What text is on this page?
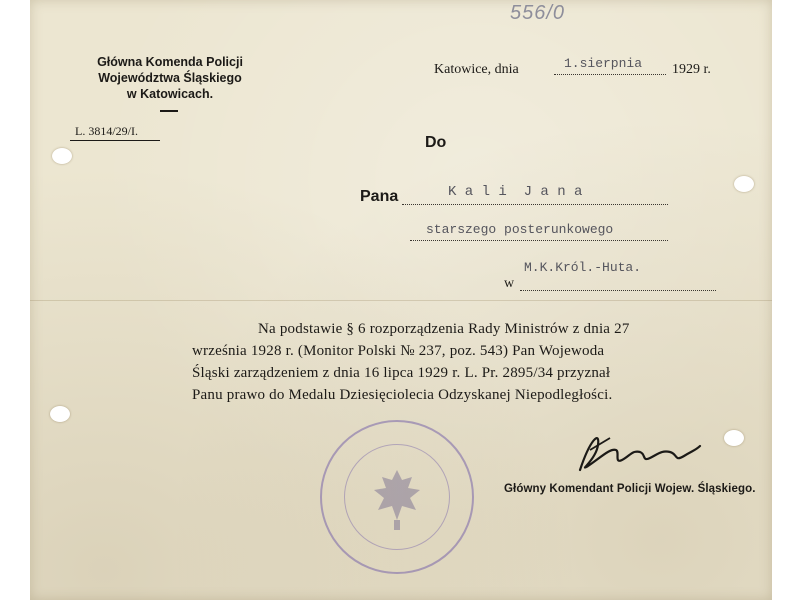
556/0
Główna Komenda Policji
Województwa Śląskiego
w Katowicach.
L. 3814/29/I.
Katowice, dnia	1.sierpnia 1929 r.
Do
Pana	K a l i  J a n a
starszego posterunkowego
M.K.Król.-Huta.
w
Na podstawie § 6 rozporządzenia Rady Ministrów z dnia 27
września 1928 r. (Monitor Polski № 237, poz. 543) Pan Wojewoda
Śląski zarządzeniem z dnia 16 lipca 1929 r. L. Pr. 2895/34 przyznał
Panu prawo do Medalu Dziesięciolecia Odzyskanej Niepodległości.
Główny Komendant Policji Wojew. Śląskiego.
